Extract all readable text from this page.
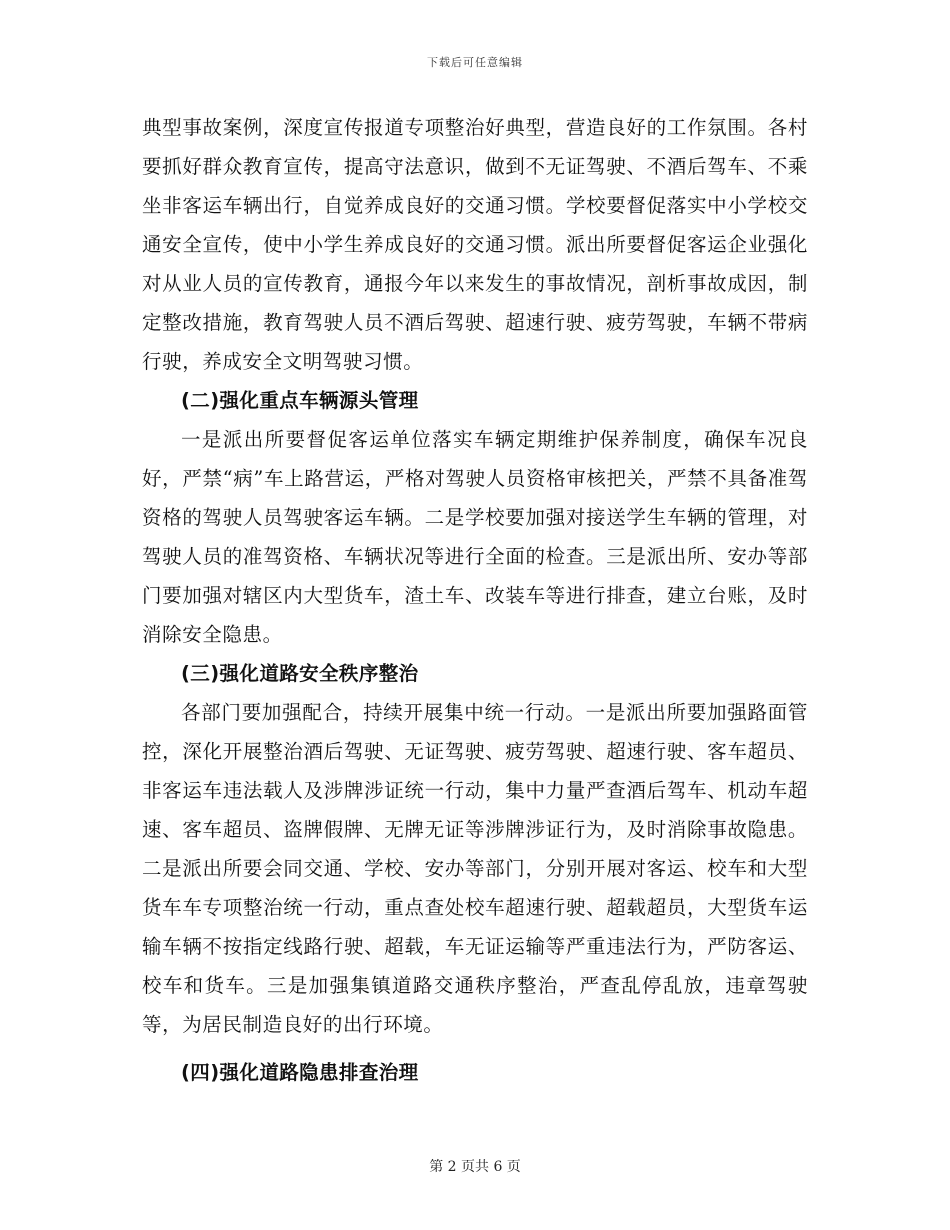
下载后可任意编辑

典型事故案例，深度宣传报道专项整治好典型，营造良好的工作氛围。各村要抓好群众教育宣传，提高守法意识，做到不无证驾驶、不酒后驾车、不乘坐非客运车辆出行，自觉养成良好的交通习惯。学校要督促落实中小学校交通安全宣传，使中小学生养成良好的交通习惯。派出所要督促客运企业强化对从业人员的宣传教育，通报今年以来发生的事故情况，剖析事故成因，制定整改措施，教育驾驶人员不酒后驾驶、超速行驶、疲劳驾驶，车辆不带病行驶，养成安全文明驾驶习惯。

(二)强化重点车辆源头管理

一是派出所要督促客运单位落实车辆定期维护保养制度，确保车况良好，严禁“病”车上路营运，严格对驾驶人员资格审核把关，严禁不具备准驾资格的驾驶人员驾驶客运车辆。二是学校要加强对接送学生车辆的管理，对驾驶人员的准驾资格、车辆状况等进行全面的检查。三是派出所、安办等部门要加强对辖区内大型货车，渣土车、改装车等进行排查，建立台账，及时消除安全隐患。

(三)强化道路安全秩序整治

各部门要加强配合，持续开展集中统一行动。一是派出所要加强路面管控，深化开展整治酒后驾驶、无证驾驶、疲劳驾驶、超速行驶、客车超员、非客运车违法载人及涉牌涉证统一行动，集中力量严查酒后驾车、机动车超速、客车超员、盗牌假牌、无牌无证等涉牌涉证行为，及时消除事故隐患。二是派出所要会同交通、学校、安办等部门，分别开展对客运、校车和大型货车车专项整治统一行动，重点查处校车超速行驶、超载超员，大型货车运输车辆不按指定线路行驶、超载，车无证运输等严重违法行为，严防客运、校车和货车。三是加强集镇道路交通秩序整治，严查乱停乱放，违章驾驶等，为居民制造良好的出行环境。

(四)强化道路隐患排查治理

第 2 页共 6 页
